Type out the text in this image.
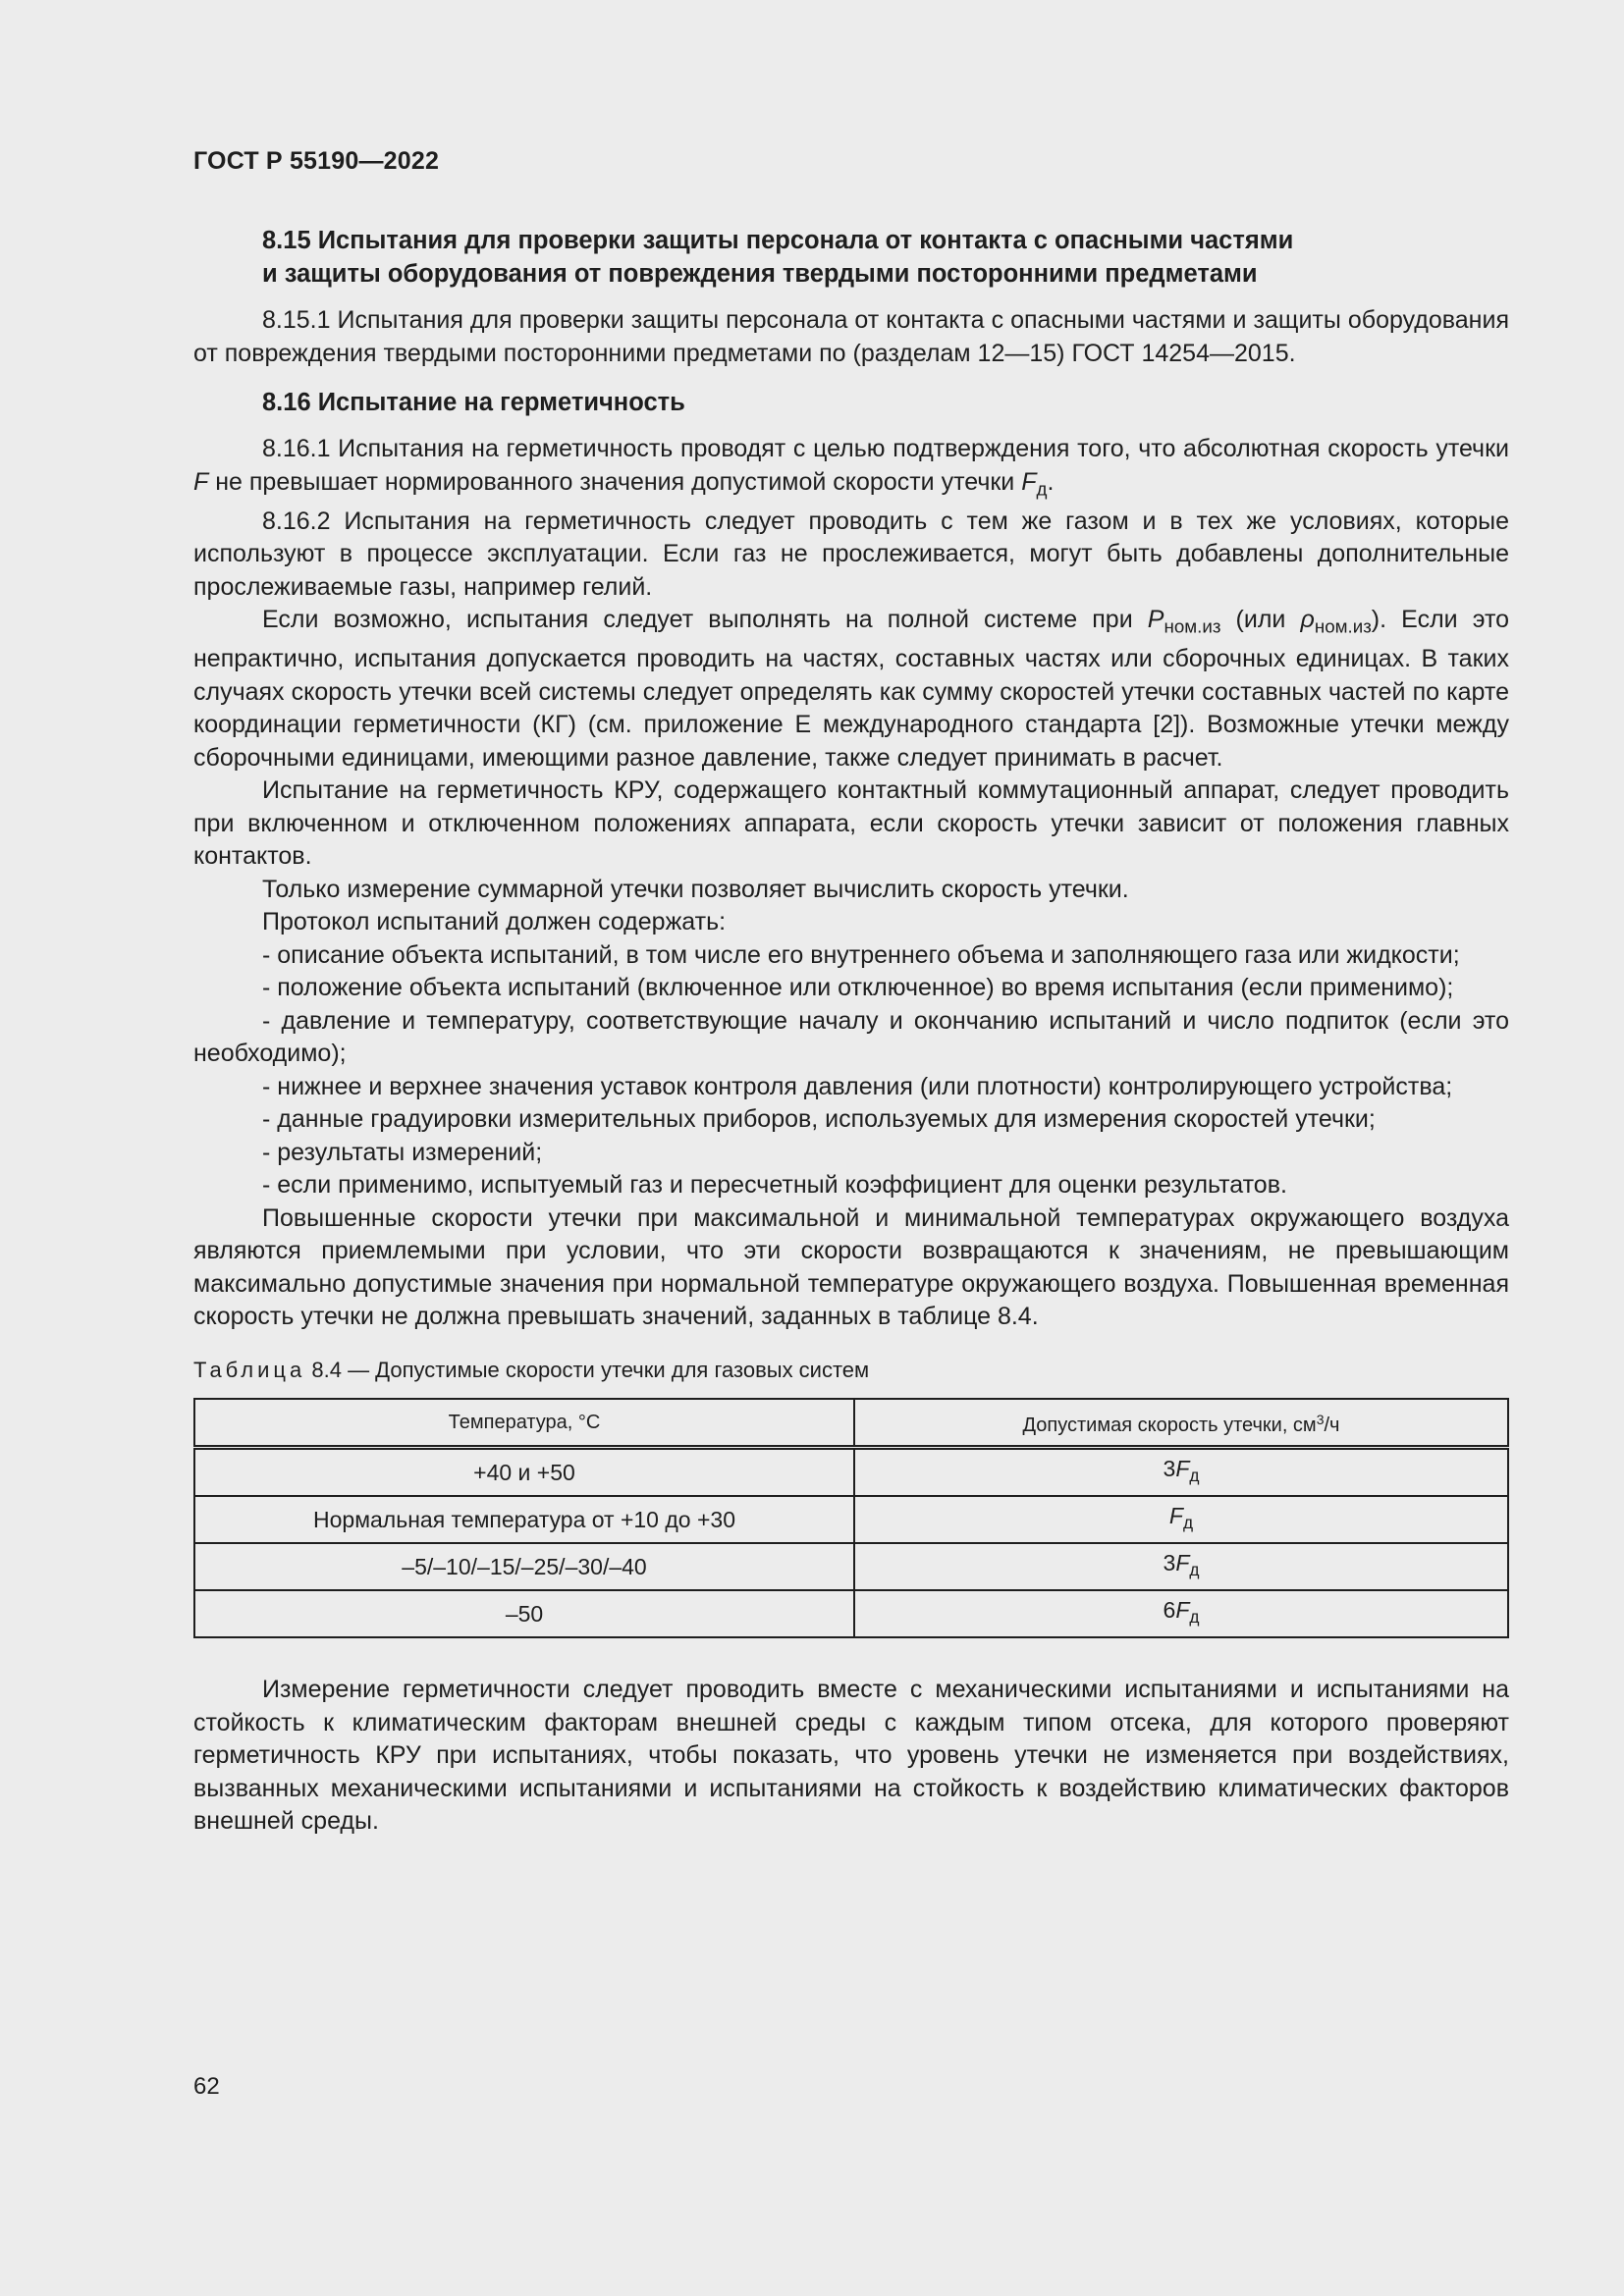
ГОСТ Р 55190—2022

8.15 Испытания для проверки защиты персонала от контакта с опасными частями
и защиты оборудования от повреждения твердыми посторонними предметами

8.15.1 Испытания для проверки защиты персонала от контакта с опасными частями и защиты оборудования от повреждения твердыми посторонними предметами по (разделам 12—15) ГОСТ 14254—2015.

8.16 Испытание на герметичность

8.16.1 Испытания на герметичность проводят с целью подтверждения того, что абсолютная скорость утечки F не превышает нормированного значения допустимой скорости утечки $F_д$.

8.16.2 Испытания на герметичность следует проводить с тем же газом и в тех же условиях, которые используют в процессе эксплуатации. Если газ не прослеживается, могут быть добавлены дополнительные прослеживаемые газы, например гелий.

Если возможно, испытания следует выполнять на полной системе при $P_{ном.из}$ (или $\rho_{ном.из}$). Если это непрактично, испытания допускается проводить на частях, составных частях или сборочных единицах. В таких случаях скорость утечки всей системы следует определять как сумму скоростей утечки составных частей по карте координации герметичности (КГ) (см. приложение Е международного стандарта [2]). Возможные утечки между сборочными единицами, имеющими разное давление, также следует принимать в расчет.

Испытание на герметичность КРУ, содержащего контактный коммутационный аппарат, следует проводить при включенном и отключенном положениях аппарата, если скорость утечки зависит от положения главных контактов.

Только измерение суммарной утечки позволяет вычислить скорость утечки.

Протокол испытаний должен содержать:

- описание объекта испытаний, в том числе его внутреннего объема и заполняющего газа или жидкости;

- положение объекта испытаний (включенное или отключенное) во время испытания (если применимо);

- давление и температуру, соответствующие началу и окончанию испытаний и число подпиток (если это необходимо);

- нижнее и верхнее значения уставок контроля давления (или плотности) контролирующего устройства;

- данные градуировки измерительных приборов, используемых для измерения скоростей утечки;

- результаты измерений;

- если применимо, испытуемый газ и пересчетный коэффициент для оценки результатов.

Повышенные скорости утечки при максимальной и минимальной температурах окружающего воздуха являются приемлемыми при условии, что эти скорости возвращаются к значениям, не превышающим максимально допустимые значения при нормальной температуре окружающего воздуха. Повышенная временная скорость утечки не должна превышать значений, заданных в таблице 8.4.

Таблица 8.4 — Допустимые скорости утечки для газовых систем
Температура, °С	Допустимая скорость утечки, $см^3/ч$
+40 и +50	$3F_д$
Нормальная температура от +10 до +30	$F_д$
–5/–10/–15/–25/–30/–40	$3F_д$
–50	$6F_д$

Измерение герметичности следует проводить вместе с механическими испытаниями и испытаниями на стойкость к климатическим факторам внешней среды с каждым типом отсека, для которого проверяют герметичность КРУ при испытаниях, чтобы показать, что уровень утечки не изменяется при воздействиях, вызванных механическими испытаниями и испытаниями на стойкость к воздействию климатических факторов внешней среды.

62
